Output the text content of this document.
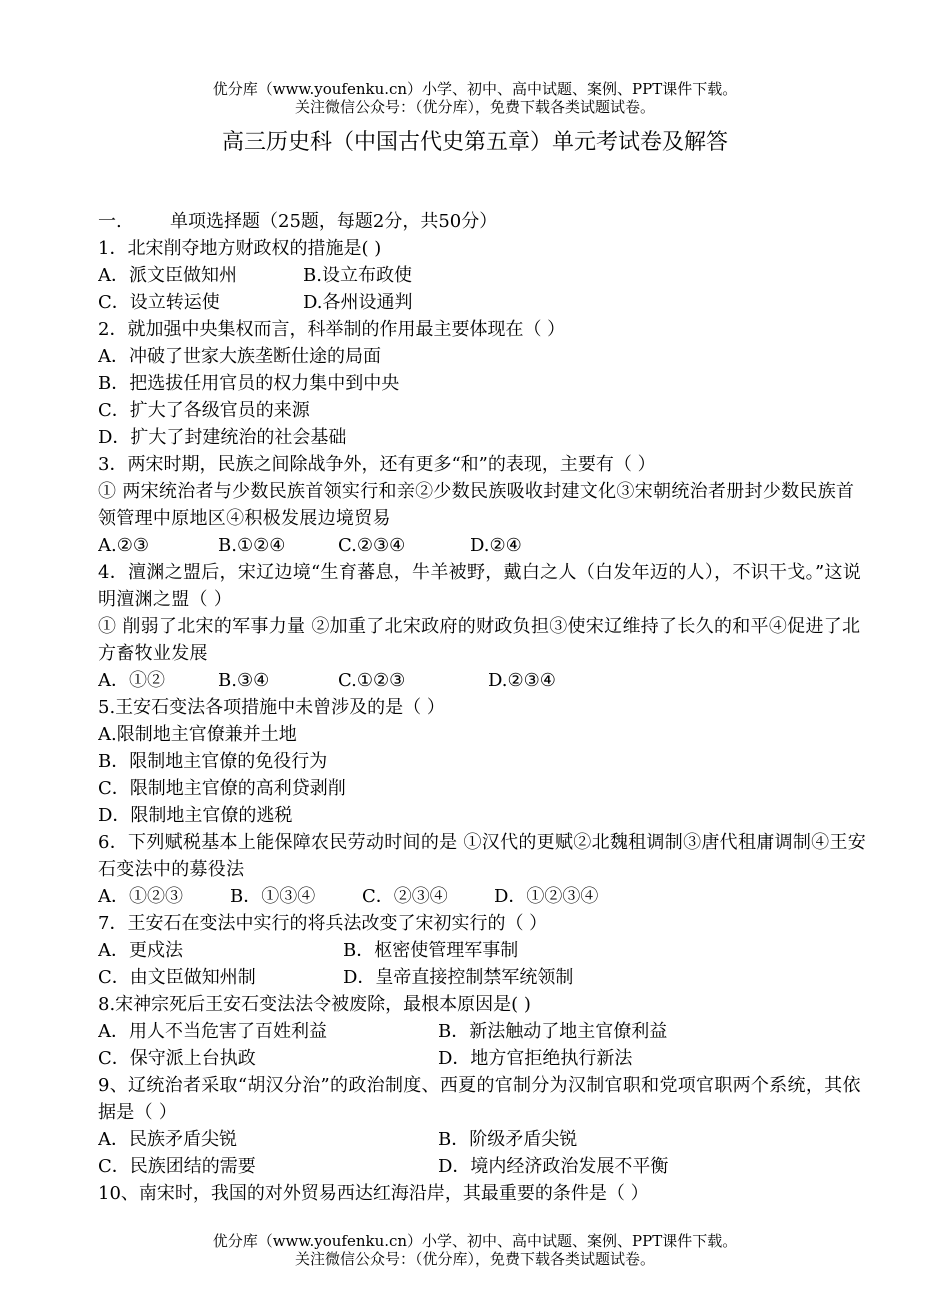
优分库（www.youfenku.cn）小学、初中、高中试题、案例、PPT课件下载。
关注微信公众号：（优分库），免费下载各类试题试卷。
高三历史科（中国古代史第五章）单元考试卷及解答
一.	单项选择题（25题，每题2分，共50分）
1．北宋削夺地方财政权的措施是( )
A．派文臣做知州	B.设立布政使
C．设立转运使	D.各州设通判
2．就加强中央集权而言，科举制的作用最主要体现在（ ）
A．冲破了世家大族垄断仕途的局面
B．把选拔任用官员的权力集中到中央
C．扩大了各级官员的来源
D．扩大了封建统治的社会基础
3．两宋时期，民族之间除战争外，还有更多“和”的表现，主要有（ ）
① 两宋统治者与少数民族首领实行和亲②少数民族吸收封建文化③宋朝统治者册封少数民族首领管理中原地区④积极发展边境贸易
A.②③	B.①②④	C.②③④	D.②④
4．澶渊之盟后，宋辽边境“生育蕃息，牛羊被野，戴白之人（白发年迈的人），不识干戈。”这说明澶渊之盟（ ）
① 削弱了北宋的军事力量 ②加重了北宋政府的财政负担③使宋辽维持了长久的和平④促进了北方畜牧业发展
A．①②	B.③④	C.①②③	D.②③④
5.王安石变法各项措施中未曾涉及的是（ ）
A.限制地主官僚兼并土地
B．限制地主官僚的免役行为
C．限制地主官僚的高利贷剥削
D．限制地主官僚的逃税
6．下列赋税基本上能保障农民劳动时间的是 ①汉代的更赋②北魏租调制③唐代租庸调制④王安石变法中的募役法
A．①②③	B．①③④	C．②③④	D．①②③④
7．王安石在变法中实行的将兵法改变了宋初实行的（ ）
A．更戍法	B．枢密使管理军事制
C．由文臣做知州制	D．皇帝直接控制禁军统领制
8.宋神宗死后王安石变法法令被废除，最根本原因是( )
A．用人不当危害了百姓利益	B．新法触动了地主官僚利益
C．保守派上台执政	D．地方官拒绝执行新法
9、辽统治者采取“胡汉分治”的政治制度、西夏的官制分为汉制官职和党项官职两个系统，其依据是（ ）
A．民族矛盾尖锐	B．阶级矛盾尖锐
C．民族团结的需要	D．境内经济政治发展不平衡
10、南宋时，我国的对外贸易西达红海沿岸，其最重要的条件是（ ）
优分库（www.youfenku.cn）小学、初中、高中试题、案例、PPT课件下载。
关注微信公众号：（优分库），免费下载各类试题试卷。
